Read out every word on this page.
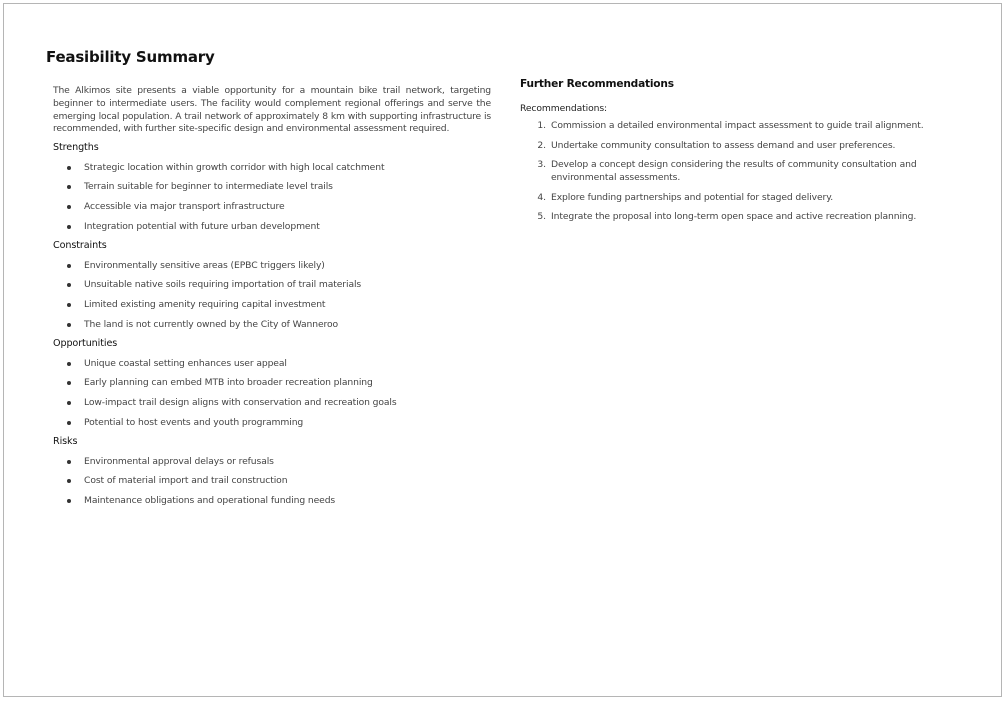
Feasibility Summary

The Alkimos site presents a viable opportunity for a mountain bike trail network, targeting beginner to intermediate users. The facility would complement regional offerings and serve the emerging local population. A trail network of approximately 8 km with supporting infrastructure is recommended, with further site-specific design and environmental assessment required.

Strengths
Strategic location within growth corridor with high local catchment
Terrain suitable for beginner to intermediate level trails
Accessible via major transport infrastructure
Integration potential with future urban development
Constraints
Environmentally sensitive areas (EPBC triggers likely)
Unsuitable native soils requiring importation of trail materials
Limited existing amenity requiring capital investment
The land is not currently owned by the City of Wanneroo
Opportunities
Unique coastal setting enhances user appeal
Early planning can embed MTB into broader recreation planning
Low-impact trail design aligns with conservation and recreation goals
Potential to host events and youth programming
Risks
Environmental approval delays or refusals
Cost of material import and trail construction
Maintenance obligations and operational funding needs
Further Recommendations
Recommendations:
1. Commission a detailed environmental impact assessment to guide trail alignment.
2. Undertake community consultation to assess demand and user preferences.
3. Develop a concept design considering the results of community consultation and environmental assessments.
4. Explore funding partnerships and potential for staged delivery.
5. Integrate the proposal into long-term open space and active recreation planning.
